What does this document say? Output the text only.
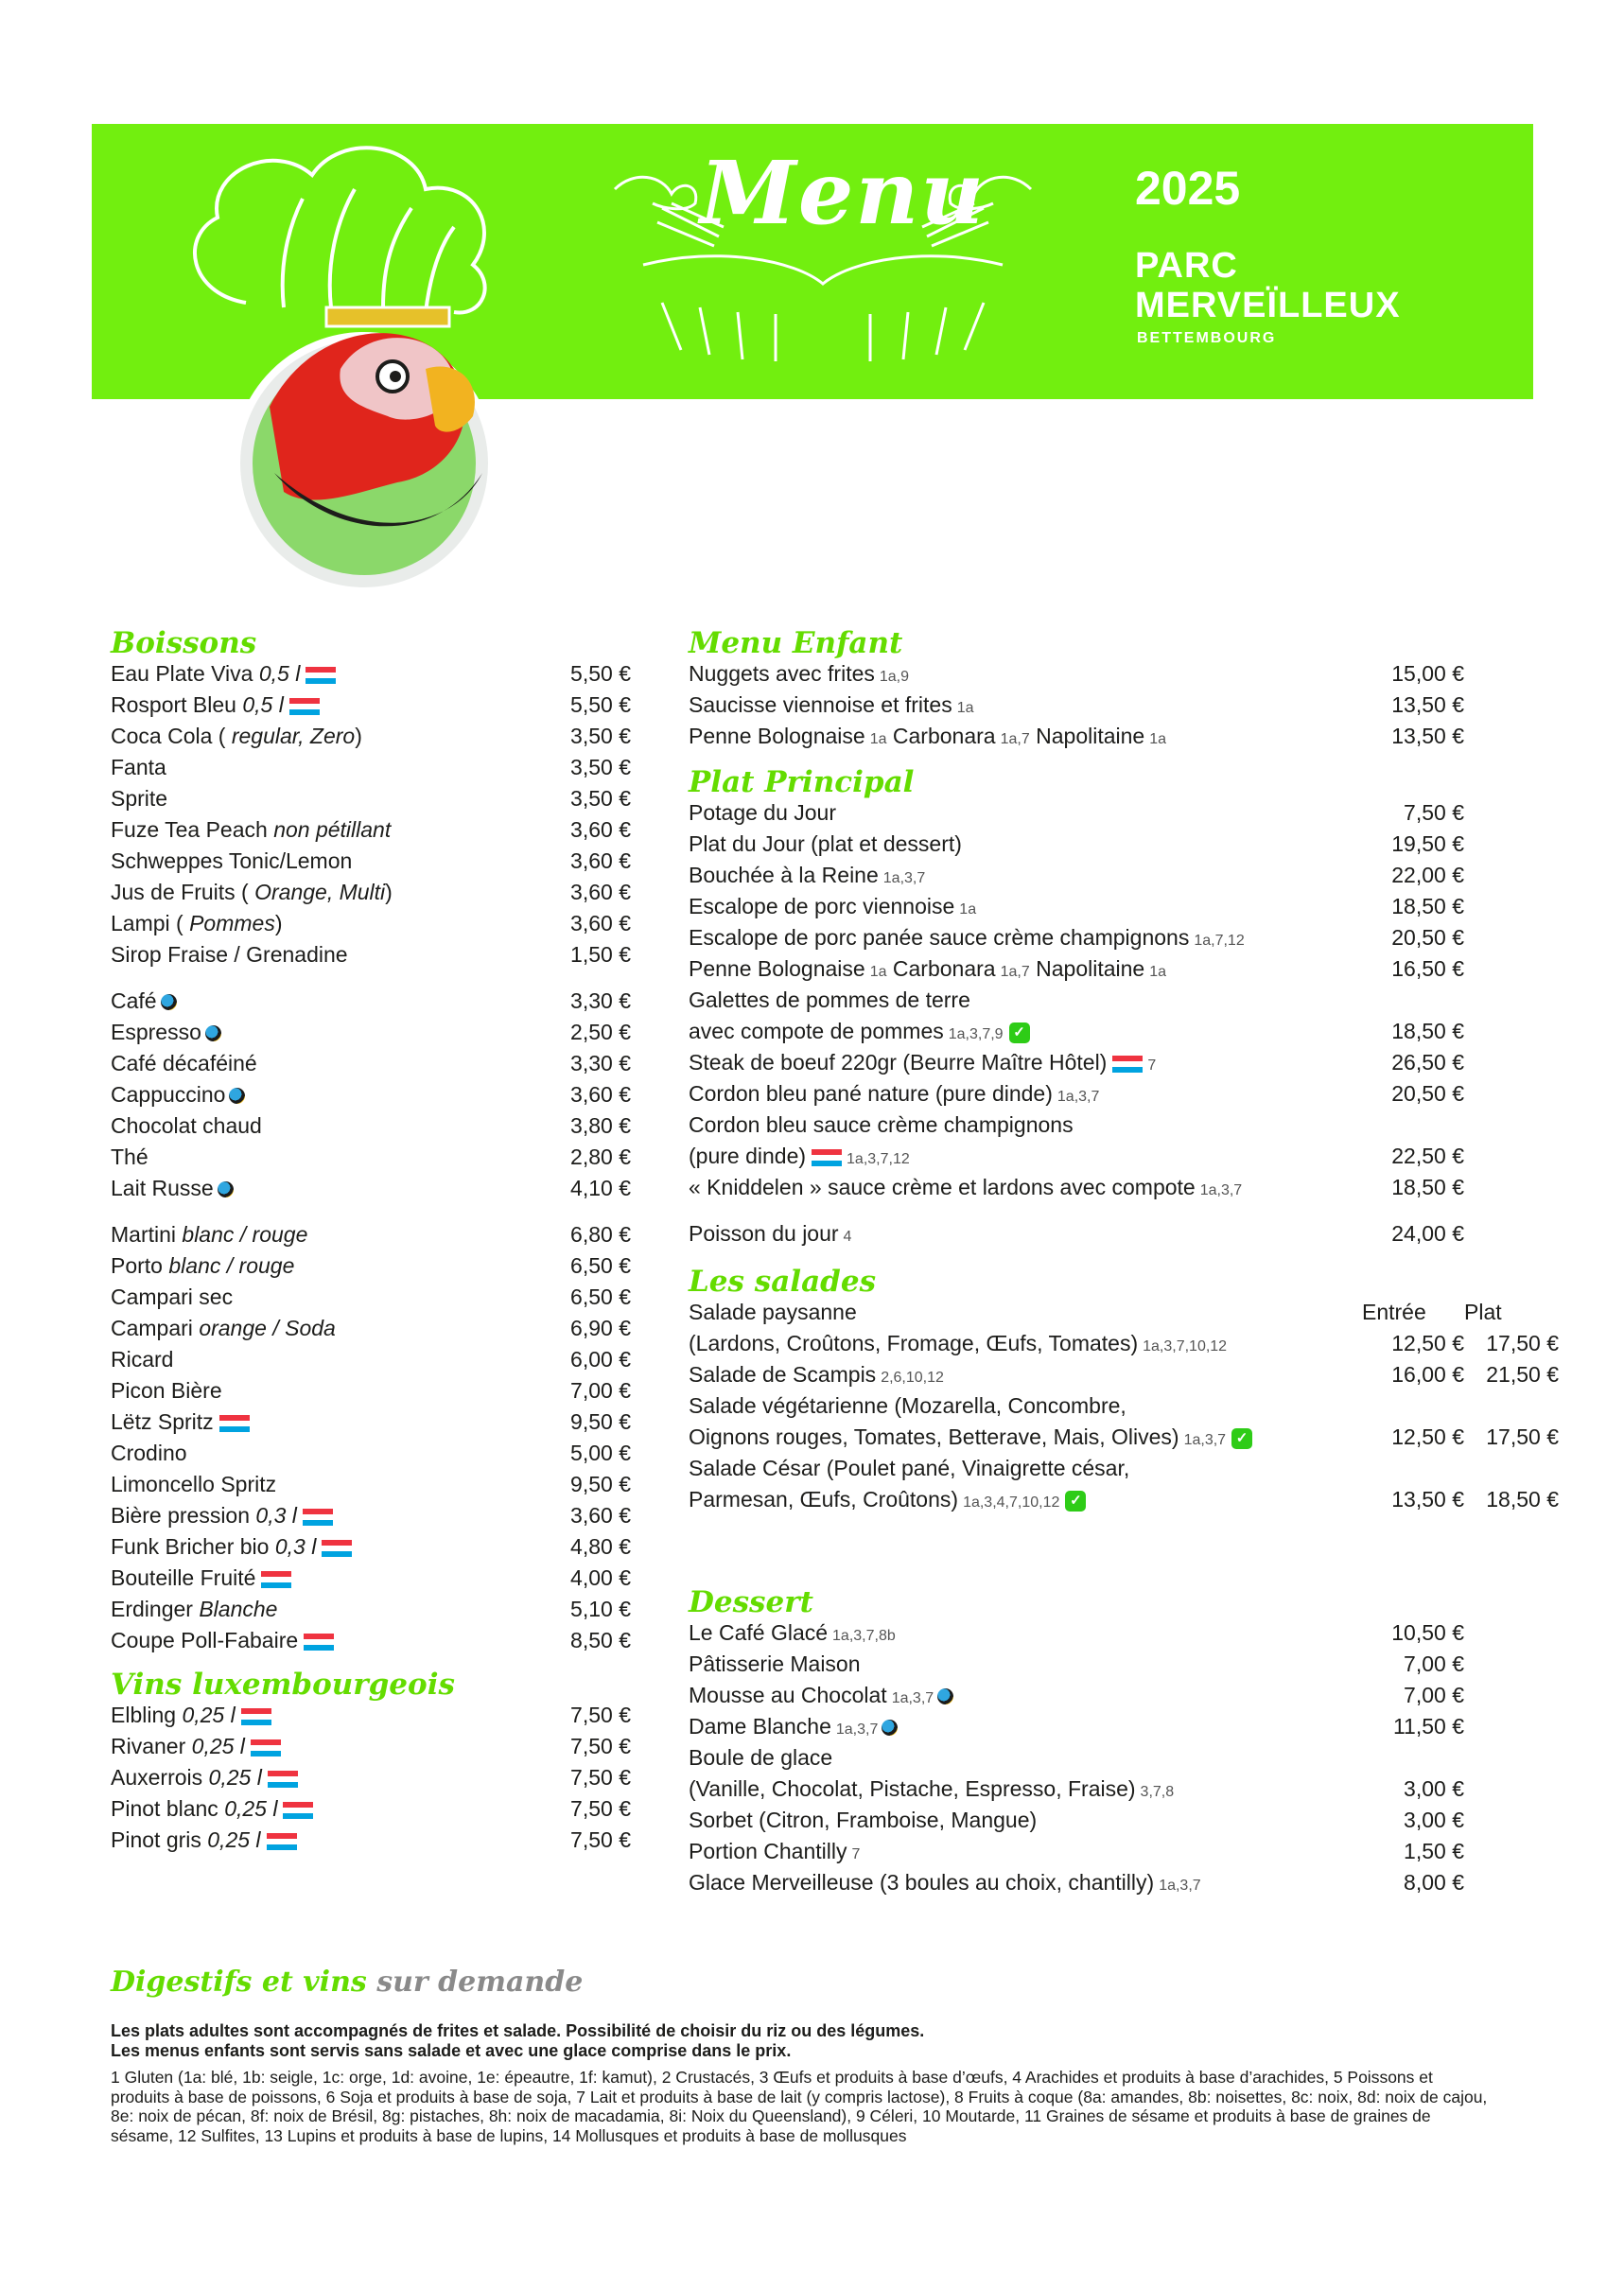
Menu	2025
PARC
MERVEÏLLEUX
BETTEMBOURG
Boissons
Eau Plate Viva 0,5 l	5,50 €
Rosport Bleu 0,5 l	5,50 €
Coca Cola ( regular, Zero)	3,50 €
Fanta	3,50 €
Sprite	3,50 €
Fuze Tea Peach non pétillant	3,60 €
Schweppes Tonic/Lemon	3,60 €
Jus de Fruits ( Orange, Multi)	3,60 €
Lampi ( Pommes)	3,60 €
Sirop Fraise / Grenadine	1,50 €
Café	3,30 €
Espresso	2,50 €
Café décaféiné	3,30 €
Cappuccino	3,60 €
Chocolat chaud	3,80 €
Thé	2,80 €
Lait Russe	4,10 €
Martini blanc / rouge	6,80 €
Porto blanc / rouge	6,50 €
Campari sec	6,50 €
Campari orange / Soda	6,90 €
Ricard	6,00 €
Picon Bière	7,00 €
Lëtz Spritz	9,50 €
Crodino	5,00 €
Limoncello Spritz	9,50 €
Bière pression 0,3 l	3,60 €
Funk Bricher bio 0,3 l	4,80 €
Bouteille Fruité	4,00 €
Erdinger Blanche	5,10 €
Coupe Poll-Fabaire	8,50 €
Vins luxembourgeois
Elbling 0,25 l	7,50 €
Rivaner 0,25 l	7,50 €
Auxerrois 0,25 l	7,50 €
Pinot blanc 0,25 l	7,50 €
Pinot gris 0,25 l	7,50 €
Menu Enfant
Nuggets avec frites 1a,9	15,00 €
Saucisse viennoise et frites 1a	13,50 €
Penne Bolognaise 1a Carbonara 1a,7 Napolitaine 1a	13,50 €
Plat Principal
Potage du Jour	7,50 €
Plat du Jour (plat et dessert)	19,50 €
Bouchée à la Reine 1a,3,7	22,00 €
Escalope de porc viennoise 1a	18,50 €
Escalope de porc panée sauce crème champignons 1a,7,12	20,50 €
Penne Bolognaise 1a Carbonara 1a,7 Napolitaine 1a	16,50 €
Galettes de pommes de terre
avec compote de pommes 1a,3,7,9 ✓	18,50 €
Steak de boeuf 220gr (Beurre Maître Hôtel)	7	26,50 €
Cordon bleu pané nature (pure dinde) 1a,3,7	20,50 €
Cordon bleu sauce crème champignons
(pure dinde)	1a,3,7,12	22,50 €
« Kniddelen » sauce crème et lardons avec compote 1a,3,7	18,50 €
Poisson du jour 4	24,00 €
Les salades
Salade paysanne	Entrée Plat
(Lardons, Croûtons, Fromage, Œufs, Tomates) 1a,3,7,10,12	12,50 €	17,50 €
Salade de Scampis 2,6,10,12	16,00 €	21,50 €
Salade végétarienne (Mozarella, Concombre,
Oignons rouges, Tomates, Betterave, Mais, Olives) 1a,3,7 ✓	12,50 €	17,50 €
Salade César (Poulet pané, Vinaigrette césar,
Parmesan, Œufs, Croûtons) 1a,3,4,7,10,12 ✓	13,50 €	18,50 €
Dessert
Le Café Glacé 1a,3,7,8b	10,50 €
Pâtisserie Maison	7,00 €
Mousse au Chocolat 1a,3,7	7,00 €
Dame Blanche 1a,3,7	11,50 €
Boule de glace
(Vanille, Chocolat, Pistache, Espresso, Fraise) 3,7,8	3,00 €
Sorbet (Citron, Framboise, Mangue)	3,00 €
Portion Chantilly 7	1,50 €
Glace Merveilleuse (3 boules au choix, chantilly) 1a,3,7	8,00 €
Digestifs et vins sur demande
Les plats adultes sont accompagnés de frites et salade. Possibilité de choisir du riz ou des légumes.
Les menus enfants sont servis sans salade et avec une glace comprise dans le prix.
1 Gluten (1a: blé, 1b: seigle, 1c: orge, 1d: avoine, 1e: épeautre, 1f: kamut), 2 Crustacés, 3 Œufs et produits à base d’œufs, 4 Arachides et produits à base d’arachides, 5 Poissons et produits à base de poissons, 6 Soja et produits à base de soja, 7 Lait et produits à base de lait (y compris lactose), 8 Fruits à coque (8a: amandes, 8b: noisettes, 8c: noix, 8d: noix de cajou, 8e: noix de pécan, 8f: noix de Brésil, 8g: pistaches, 8h: noix de macadamia, 8i: Noix du Queensland), 9 Céleri, 10 Moutarde, 11 Graines de sésame et produits à base de graines de sésame, 12 Sulfites, 13 Lupins et produits à base de lupins, 14 Mollusques et produits à base de mollusques
